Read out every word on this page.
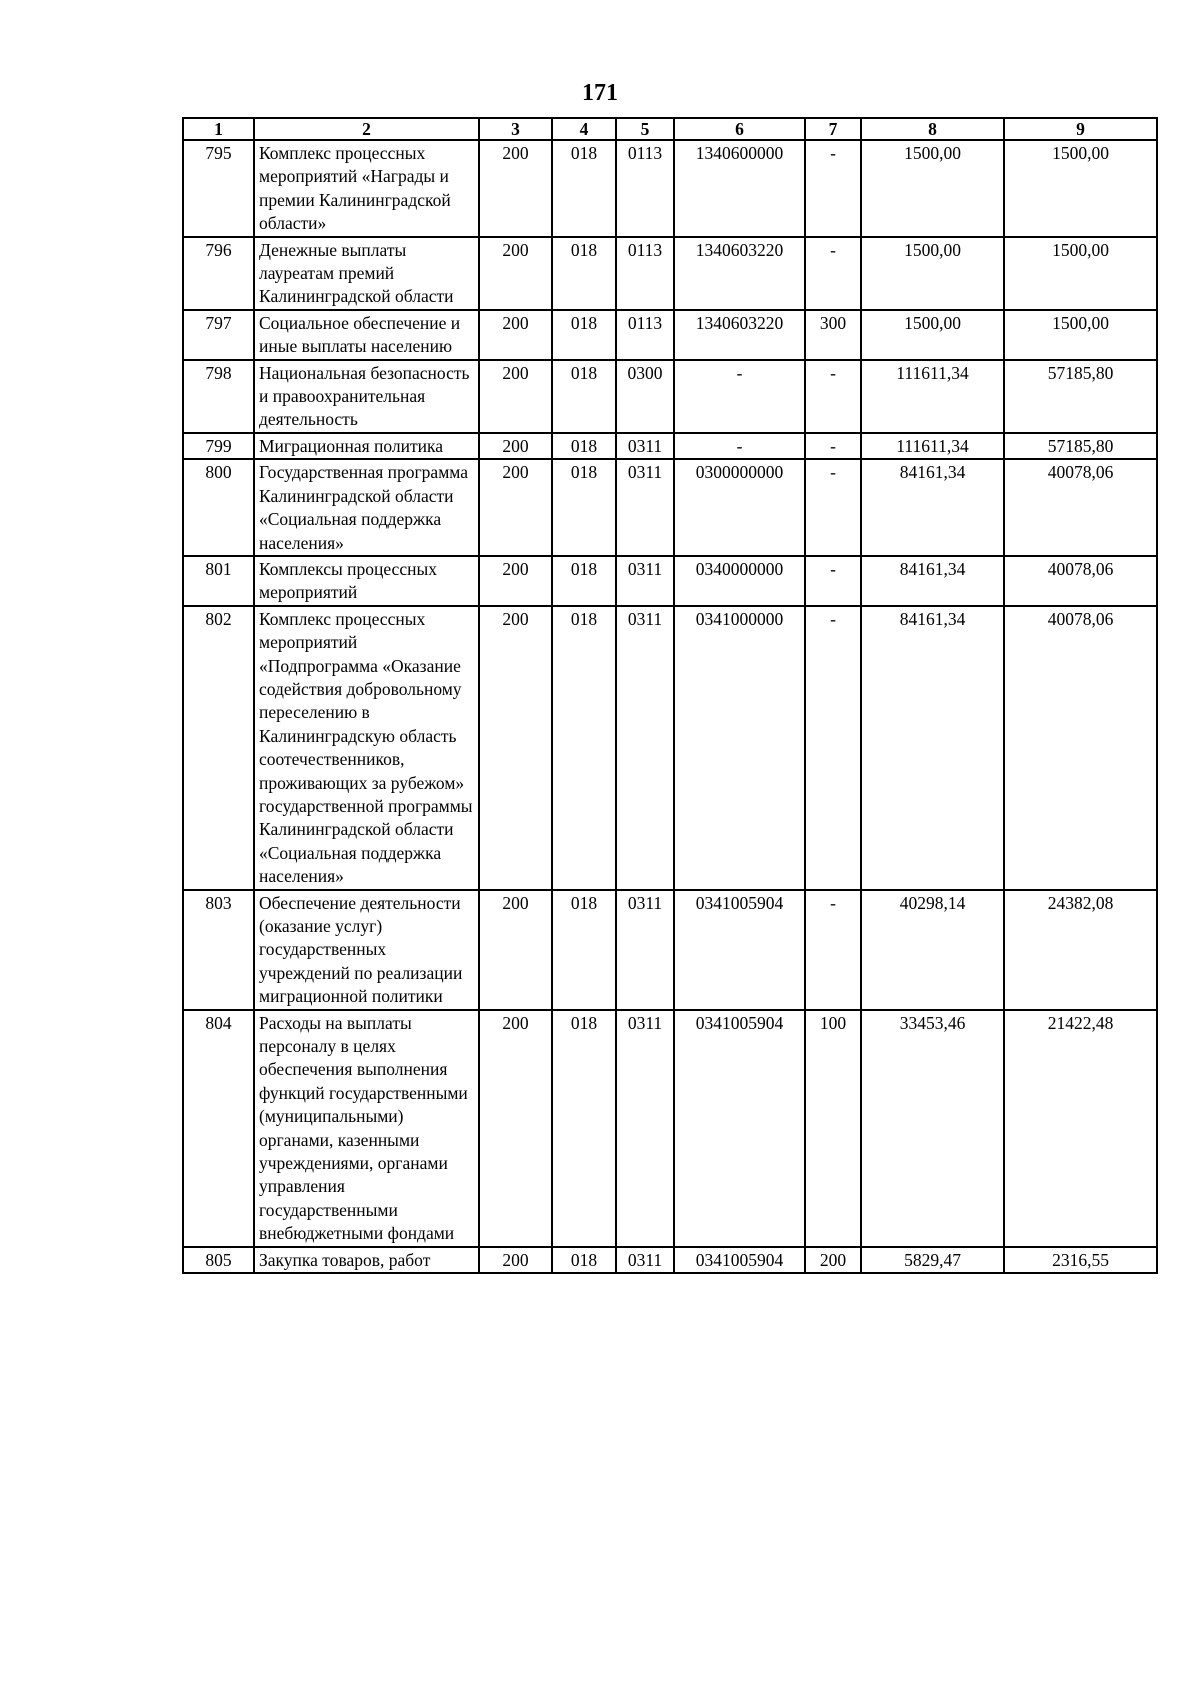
171
1	2	3	4	5	6	7	8	9
795	Комплекс процессных мероприятий «Награды и премии Калининградской области»	200	018	0113	1340600000	-	1500,00	1500,00
796	Денежные выплаты лауреатам премий Калининградской области	200	018	0113	1340603220	-	1500,00	1500,00
797	Социальное обеспечение и иные выплаты населению	200	018	0113	1340603220	300	1500,00	1500,00
798	Национальная безопасность и правоохранительная деятельность	200	018	0300	-	-	111611,34	57185,80
799	Миграционная политика	200	018	0311	-	-	111611,34	57185,80
800	Государственная программа Калининградской области «Социальная поддержка населения»	200	018	0311	0300000000	-	84161,34	40078,06
801	Комплексы процессных мероприятий	200	018	0311	0340000000	-	84161,34	40078,06
802	Комплекс процессных мероприятий «Подпрограмма «Оказание содействия добровольному переселению в Калининградскую область соотечественников, проживающих за рубежом» государственной программы Калининградской области «Социальная поддержка населения»	200	018	0311	0341000000	-	84161,34	40078,06
803	Обеспечение деятельности (оказание услуг) государственных учреждений по реализации миграционной политики	200	018	0311	0341005904	-	40298,14	24382,08
804	Расходы на выплаты персоналу в целях обеспечения выполнения функций государственными (муниципальными) органами, казенными учреждениями, органами управления государственными внебюджетными фондами	200	018	0311	0341005904	100	33453,46	21422,48
805	Закупка товаров, работ	200	018	0311	0341005904	200	5829,47	2316,55
